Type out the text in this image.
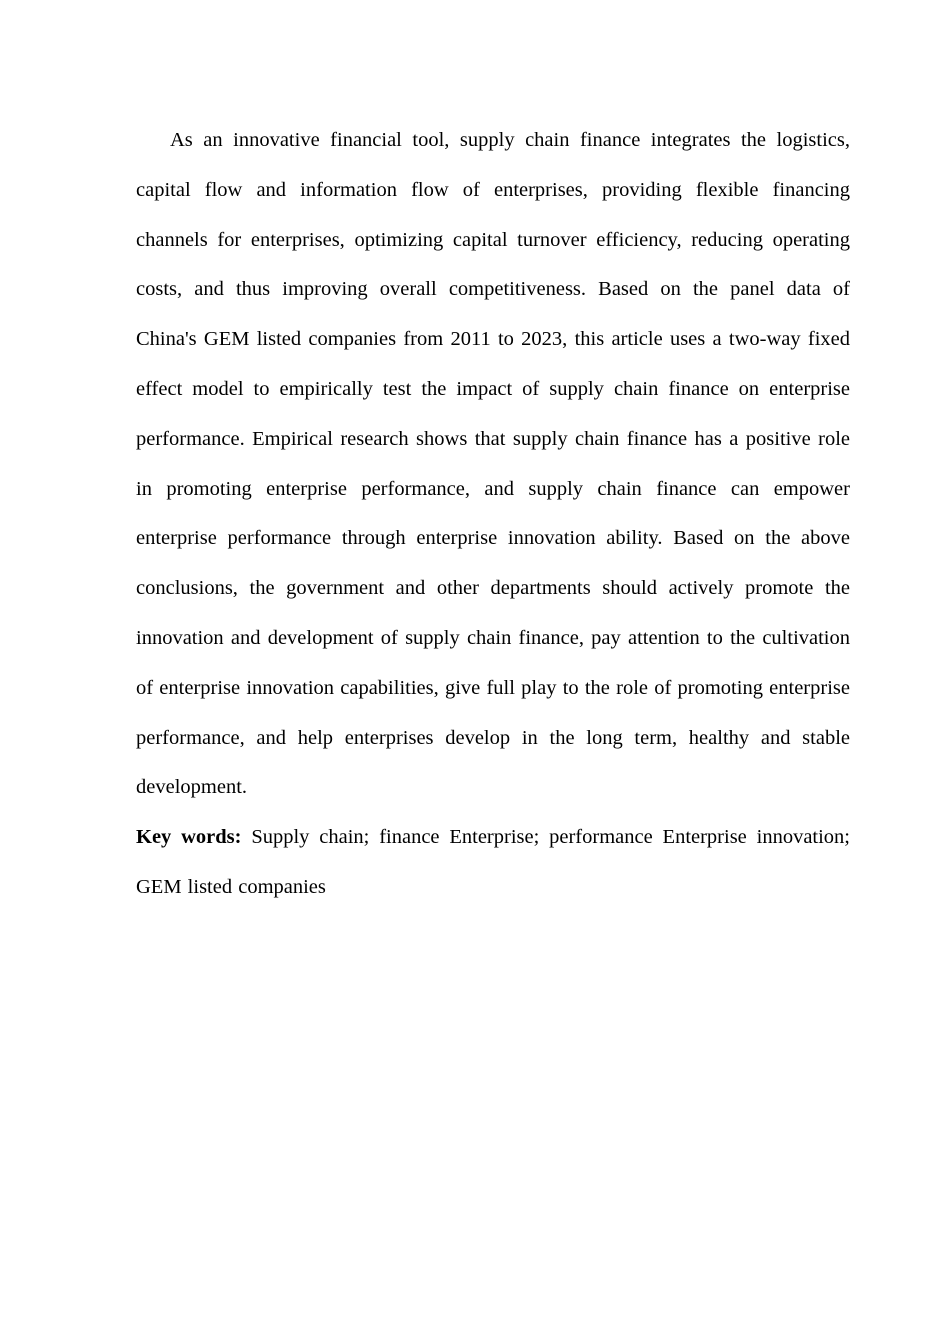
As an innovative financial tool, supply chain finance integrates the logistics, capital flow and information flow of enterprises, providing flexible financing channels for enterprises, optimizing capital turnover efficiency, reducing operating costs, and thus improving overall competitiveness. Based on the panel data of China's GEM listed companies from 2011 to 2023, this article uses a two-way fixed effect model to empirically test the impact of supply chain finance on enterprise performance. Empirical research shows that supply chain finance has a positive role in promoting enterprise performance, and supply chain finance can empower enterprise performance through enterprise innovation ability. Based on the above conclusions, the government and other departments should actively promote the innovation and development of supply chain finance, pay attention to the cultivation of enterprise innovation capabilities, give full play to the role of promoting enterprise performance, and help enterprises develop in the long term, healthy and stable development.

Key words: Supply chain; finance Enterprise; performance Enterprise innovation; GEM listed companies
